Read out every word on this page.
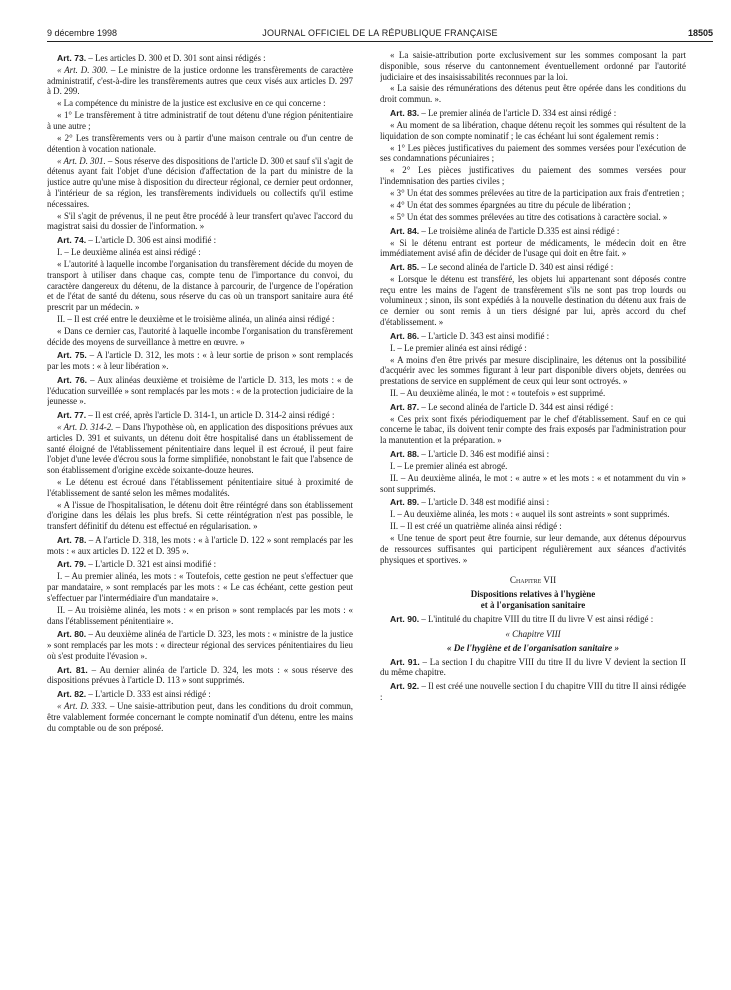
9 décembre 1998	JOURNAL OFFICIEL DE LA RÉPUBLIQUE FRANÇAISE	18505

Art. 73. – Les articles D. 300 et D. 301 sont ainsi rédigés :

« Art. D. 300. – Le ministre de la justice ordonne les transfèrements de caractère administratif, c'est-à-dire les transfèrements autres que ceux visés aux articles D. 297 à D. 299.

« La compétence du ministre de la justice est exclusive en ce qui concerne :

« 1° Le transfèrement à titre administratif de tout détenu d'une région pénitentiaire à une autre ;

« 2° Les transfèrements vers ou à partir d'une maison centrale ou d'un centre de détention à vocation nationale.

« Art. D. 301. – Sous réserve des dispositions de l'article D. 300 et sauf s'il s'agit de détenus ayant fait l'objet d'une décision d'affectation de la part du ministre de la justice autre qu'une mise à disposition du directeur régional, ce dernier peut ordonner, à l'intérieur de sa région, les transfèrements individuels ou collectifs qu'il estime nécessaires.

« S'il s'agit de prévenus, il ne peut être procédé à leur transfert qu'avec l'accord du magistrat saisi du dossier de l'information. »

Art. 74. – L'article D. 306 est ainsi modifié :

I. – Le deuxième alinéa est ainsi rédigé :

« L'autorité à laquelle incombe l'organisation du transfèrement décide du moyen de transport à utiliser dans chaque cas, compte tenu de l'importance du convoi, du caractère dangereux du détenu, de la distance à parcourir, de l'urgence de l'opération et de l'état de santé du détenu, sous réserve du cas où un transport sanitaire aura été prescrit par un médecin. »

II. – Il est créé entre le deuxième et le troisième alinéa, un alinéa ainsi rédigé :

« Dans ce dernier cas, l'autorité à laquelle incombe l'organisation du transfèrement décide des moyens de surveillance à mettre en œuvre. »

Art. 75. – A l'article D. 312, les mots : « à leur sortie de prison » sont remplacés par les mots : « à leur libération ».

Art. 76. – Aux alinéas deuxième et troisième de l'article D. 313, les mots : « de l'éducation surveillée » sont remplacés par les mots : « de la protection judiciaire de la jeunesse ».

Art. 77. – Il est créé, après l'article D. 314-1, un article D. 314-2 ainsi rédigé :

« Art. D. 314-2. – Dans l'hypothèse où, en application des dispositions prévues aux articles D. 391 et suivants, un détenu doit être hospitalisé dans un établissement de santé éloigné de l'établissement pénitentiaire dans lequel il est écroué, il peut faire l'objet d'une levée d'écrou sous la forme simplifiée, nonobstant le fait que l'absence de son établissement d'origine excède soixante-douze heures.

« Le détenu est écroué dans l'établissement pénitentiaire situé à proximité de l'établissement de santé selon les mêmes modalités.

« A l'issue de l'hospitalisation, le détenu doit être réintégré dans son établissement d'origine dans les délais les plus brefs. Si cette réintégration n'est pas possible, le transfert définitif du détenu est effectué en régularisation. »

Art. 78. – A l'article D. 318, les mots : « à l'article D. 122 » sont remplacés par les mots : « aux articles D. 122 et D. 395 ».

Art. 79. – L'article D. 321 est ainsi modifié :

I. – Au premier alinéa, les mots : « Toutefois, cette gestion ne peut s'effectuer que par mandataire, » sont remplacés par les mots : « Le cas échéant, cette gestion peut s'effectuer par l'intermédiaire d'un mandataire ».

II. – Au troisième alinéa, les mots : « en prison » sont remplacés par les mots : « dans l'établissement pénitentiaire ».

Art. 80. – Au deuxième alinéa de l'article D. 323, les mots : « ministre de la justice » sont remplacés par les mots : « directeur régional des services pénitentiaires du lieu où s'est produite l'évasion ».

Art. 81. – Au dernier alinéa de l'article D. 324, les mots : « sous réserve des dispositions prévues à l'article D. 113 » sont supprimés.

Art. 82. – L'article D. 333 est ainsi rédigé :

« Art. D. 333. – Une saisie-attribution peut, dans les conditions du droit commun, être valablement formée concernant le compte nominatif d'un détenu, entre les mains du comptable ou de son préposé.

« La saisie-attribution porte exclusivement sur les sommes composant la part disponible, sous réserve du cantonnement éventuellement ordonné par l'autorité judiciaire et des insaisissabilités reconnues par la loi.

« La saisie des rémunérations des détenus peut être opérée dans les conditions du droit commun. ».

Art. 83. – Le premier alinéa de l'article D. 334 est ainsi rédigé :

« Au moment de sa libération, chaque détenu reçoit les sommes qui résultent de la liquidation de son compte nominatif ; le cas échéant lui sont également remis :

« 1° Les pièces justificatives du paiement des sommes versées pour l'exécution de ses condamnations pécuniaires ;

« 2° Les pièces justificatives du paiement des sommes versées pour l'indemnisation des parties civiles ;

« 3° Un état des sommes prélevées au titre de la participation aux frais d'entretien ;

« 4° Un état des sommes épargnées au titre du pécule de libération ;

« 5° Un état des sommes prélevées au titre des cotisations à caractère social. »

Art. 84. – Le troisième alinéa de l'article D.335 est ainsi rédigé :

« Si le détenu entrant est porteur de médicaments, le médecin doit en être immédiatement avisé afin de décider de l'usage qui doit en être fait. »

Art. 85. – Le second alinéa de l'article D. 340 est ainsi rédigé :

« Lorsque le détenu est transféré, les objets lui appartenant sont déposés contre reçu entre les mains de l'agent de transfèrement s'ils ne sont pas trop lourds ou volumineux ; sinon, ils sont expédiés à la nouvelle destination du détenu aux frais de ce dernier ou sont remis à un tiers désigné par lui, après accord du chef d'établissement. »

Art. 86. – L'article D. 343 est ainsi modifié :

I. – Le premier alinéa est ainsi rédigé :

« A moins d'en être privés par mesure disciplinaire, les détenus ont la possibilité d'acquérir avec les sommes figurant à leur part disponible divers objets, denrées ou prestations de service en supplément de ceux qui leur sont octroyés. »

II. – Au deuxième alinéa, le mot : « toutefois » est supprimé.

Art. 87. – Le second alinéa de l'article D. 344 est ainsi rédigé :

« Ces prix sont fixés périodiquement par le chef d'établissement. Sauf en ce qui concerne le tabac, ils doivent tenir compte des frais exposés par l'administration pour la manutention et la préparation. »

Art. 88. – L'article D. 346 est modifié ainsi :

I. – Le premier alinéa est abrogé.

II. – Au deuxième alinéa, le mot : « autre » et les mots : « et notamment du vin » sont supprimés.

Art. 89. – L'article D. 348 est modifié ainsi :

I. – Au deuxième alinéa, les mots : « auquel ils sont astreints » sont supprimés.

II. – Il est créé un quatrième alinéa ainsi rédigé :

« Une tenue de sport peut être fournie, sur leur demande, aux détenus dépourvus de ressources suffisantes qui participent régulièrement aux séances d'activités physiques et sportives. »

Chapitre VII

Dispositions relatives à l'hygiène
et à l'organisation sanitaire

Art. 90. – L'intitulé du chapitre VIII du titre II du livre V est ainsi rédigé :

« Chapitre VIII

« De l'hygiène et de l'organisation sanitaire »

Art. 91. – La section I du chapitre VIII du titre II du livre V devient la section II du même chapitre.

Art. 92. – Il est créé une nouvelle section I du chapitre VIII du titre II ainsi rédigée :
